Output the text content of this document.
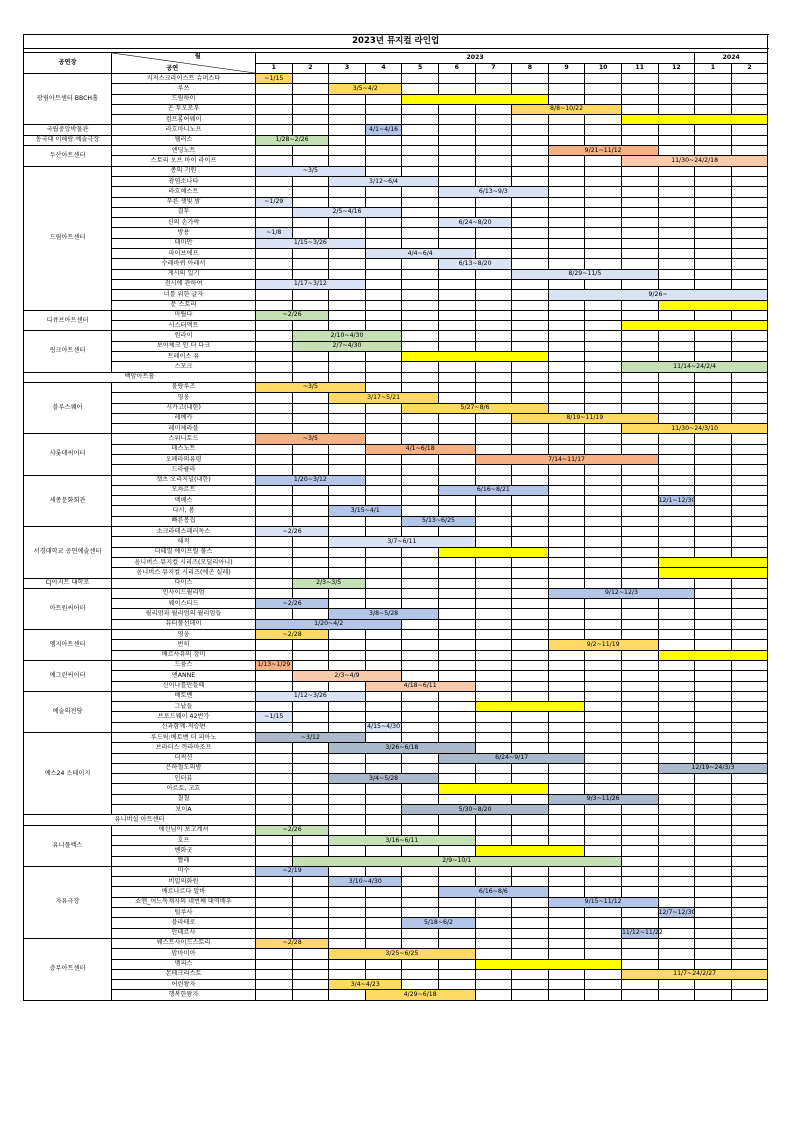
2023년 뮤지컬 라인업															

공연장	월
공연	2023												2024	
		1	2	3	4	5	6	7	8	9	10	11	12	1	2
광림아트센터 BBCH홀	지저스크라이스트 슈퍼스타	~1/15													
	루쓰			3/5~4/2											
	드림하이														
	곤 투모로우								8/8~10/22						
	컴프롬어웨이														
국립중앙박물관	라흐마니노프				4/1~4/16										
동국대 이해랑 예술극장	웰러스	1/28~2/26													
두산아트센터	엔딩노트									9/21~11/12					
	스토리 오브 마이 라이프											11/30~24/2/18			
드림아트센터	종의 기원	~3/5													
	광염소나타			3/12~6/4											
	라흐헤스트						6/13~9/3								
	푸른 잿빛 밤	~1/29													
	결투		2/5~4/16												
	신의 손가락						6/24~8/20								
	방용	~1/8													
	데미안	1/15~3/26													
	파이브에프				4/4~6/4										
	수레바퀴 아래서						6/13~8/20								
	게시의 일기								8/29~11/5						
	전시에 관하여	1/17~3/12													
	너를 위한 글자									9/26~					
	문 스토리														
디큐브아트센터	마틸다	~2/26													
	시스터액트														
링크아트센터	원라이		2/10~4/30												
	보이체크 인 더 다크		2/7~4/30												
	트레이스 유														
	스모크											11/14~24/2/4			
백암아트홀															
블루스퀘어	물랑루즈	~3/5													
	영웅			3/17~5/21											
	시카고(내한)					5/27~8/6									
	레베카								8/19~11/19						
	레미제라블											11/30~24/3/10			
샤롯데씨어터	스위니토드	~3/5													
	데스노트				4/1~6/18										
	오페라의유령							7/14~11/17							
	드라큘라														
세종문화회관	캣츠 오리지널(내한)	1/20~3/12													
	모차르트						6/16~8/21								
	맥베스												12/1~12/30		
	다시, 봄			3/15~4/1											
	빠른봉집					5/13~6/25									
서경대학교 공연예술센터	소크라테스패러독스	~2/26													
	해적			3/7~6/11											
	더테일 에이프릴 풀스														
	옴니버스 뮤지컬 시리즈(모딜리아니)														
	옴니버스 뮤지컬 시리즈(에곤 실레)														
CJ아지트 대학로	다이스		2/3~3/5												
아트원씨어터	인사이드윌리엄									9/12~12/3					
	웨이스티드	~2/26													
	윌리엄과 윌리엄의 윌리엄들			3/8~5/28											
	뷰티풀선데이	1/20~4/2													
엠지아트센터	영웅	~2/28													
	번히									9/2~11/19					
	베르사유의 장미														
예그린씨어터	드룸스	1/13~1/29													
	앤ANNE		2/3~4/9												
	신이나를만들때				4/18~6/11										
예술의전당	베토벤	1/12~3/26													
	그날들														
	브로드웨이 42번가	~1/15													
	신과함께-저승편				4/15~4/30										
예스24 스테이지	루드윅:베토벤 더 피아노	~3/12													
	브라더스 까라마조프			3/26~6/18											
	더픽션						6/24~9/17								
	은하철도의밤												12/19~24/3/3		
	인터뷰			3/4~5/28											
	아르토, 고흐														
	칠칠									9/3~11/26					
	보이A					5/30~8/20									
유니버설 아트센터															
유니플렉스	에신님이 보고계셔	~2/26													
	호프			3/16~6/11											
	벤화굿														
	빨래		2/9~10/1												
자유극장	미수	~2/19													
	비밀의화원			3/10~4/30											
	베르나르다 알바						6/16~8/6								
	쇼맨_어느독재자의 네번째 대역배우									9/15~11/12					
	털루사												12/7~12/30		
	블라테로					5/18~6/2									
	안데르사											11/12~11/22			
충무아트센터	웨스트사이드스토리	~2/28													
	맘마미아			3/25~6/25											
	멤피스														
	몬테크리스토											11/7~24/2/27			
	어린왕자			3/4~4/23											
	행복한왕자				4/29~6/18										
